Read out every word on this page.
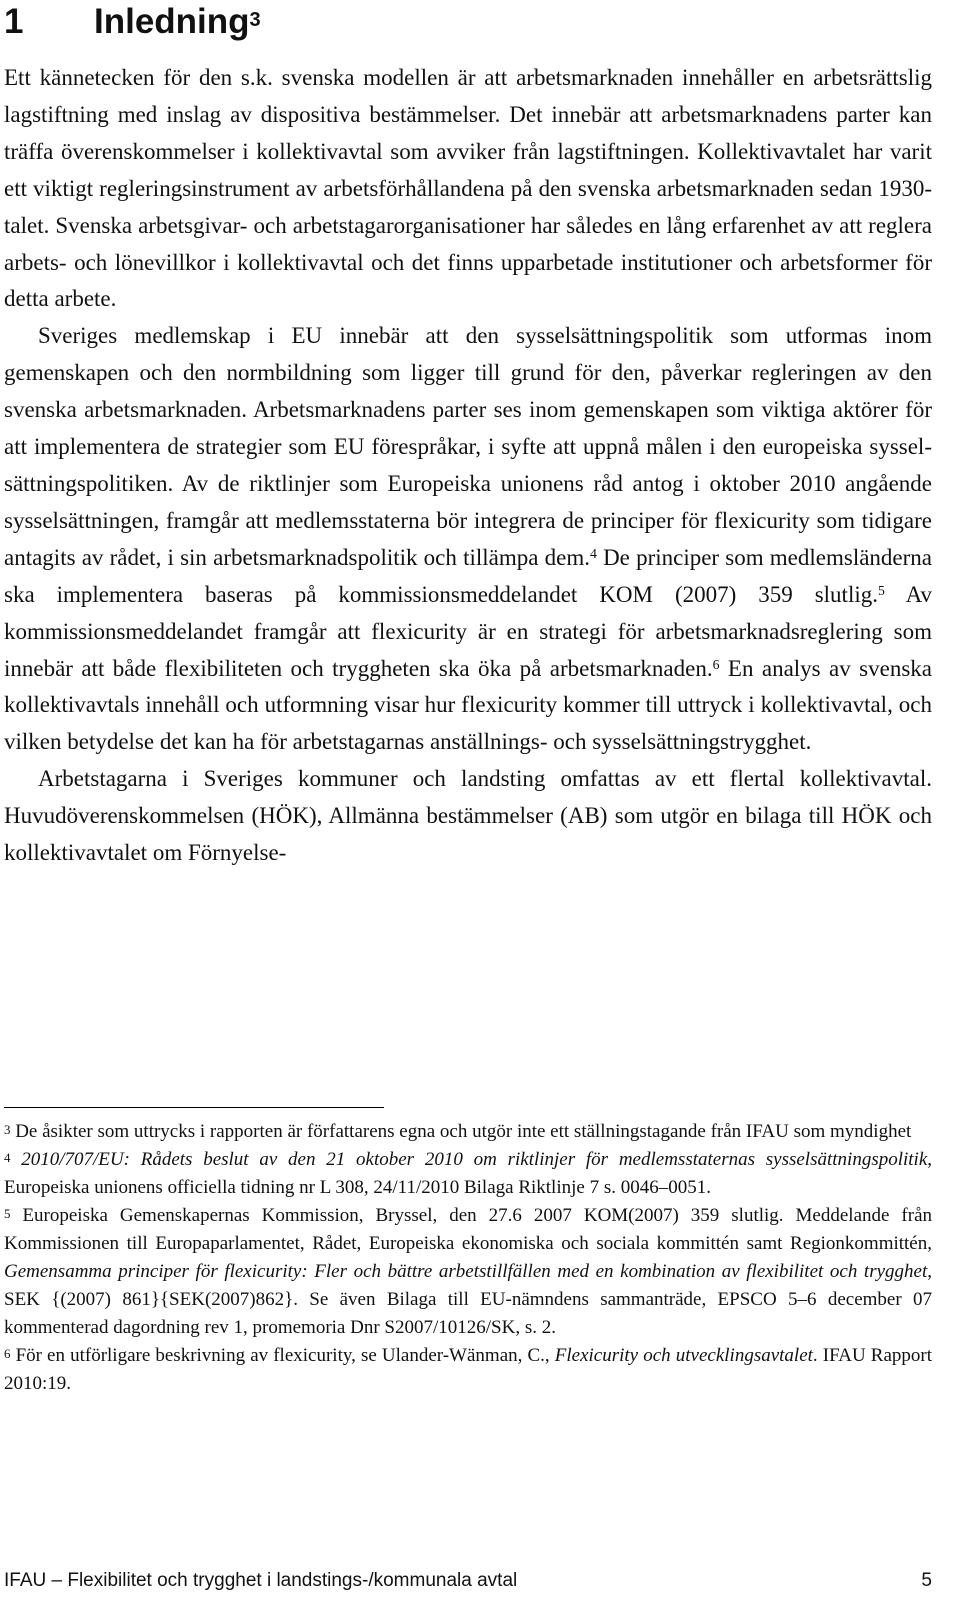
1 Inledning$^3$

Ett kännetecken för den s.k. svenska modellen är att arbetsmarknaden innehåller en arbetsrättslig lagstiftning med inslag av dispositiva bestämmelser. Det innebär att arbetsmarknadens parter kan träffa överenskommelser i kollektivavtal som avviker från lagstiftningen. Kollektivavtalet har varit ett viktigt regleringsinstrument av arbetsförhållandena på den svenska arbetsmarknaden sedan 1930-talet. Svenska arbetsgivar- och arbetstagarorganisationer har således en lång erfarenhet av att reglera arbets- och lönevillkor i kollektivavtal och det finns upparbetade institutioner och arbetsformer för detta arbete.

Sveriges medlemskap i EU innebär att den sysselsättningspolitik som utformas inom gemenskapen och den normbildning som ligger till grund för den, påverkar regleringen av den svenska arbetsmarknaden. Arbetsmarknadens parter ses inom gemenskapen som viktiga aktörer för att implementera de strategier som EU förespråkar, i syfte att uppnå målen i den europeiska sysselsättningspolitiken. Av de riktlinjer som Europeiska unionens råd antog i oktober 2010 angående sysselsättningen, framgår att medlemsstaterna bör integrera de principer för flexicurity som tidigare antagits av rådet, i sin arbetsmarknadspolitik och tillämpa dem.$^4$ De principer som medlemsländerna ska implementera baseras på kommissionsmeddelandet KOM (2007) 359 slutlig.$^5$ Av kommissionsmeddelandet framgår att flexicurity är en strategi för arbetsmarknadsreglering som innebär att både flexibiliteten och tryggheten ska öka på arbetsmarknaden.$^6$ En analys av svenska kollektivavtals innehåll och utformning visar hur flexicurity kommer till uttryck i kollektivavtal, och vilken betydelse det kan ha för arbetstagarnas anställnings- och sysselsättningstrygghet.

Arbetstagarna i Sveriges kommuner och landsting omfattas av ett flertal kollektivavtal. Huvudöverenskommelsen (HÖK), Allmänna bestämmelser (AB) som utgör en bilaga till HÖK och kollektivavtalet om Förnyelse-

$^3$ De åsikter som uttrycks i rapporten är författarens egna och utgör inte ett ställningstagande från IFAU som myndighet

$^4$ 2010/707/EU: Rådets beslut av den 21 oktober 2010 om riktlinjer för medlemsstaternas sysselsättningspolitik, Europeiska unionens officiella tidning nr L 308, 24/11/2010 Bilaga Riktlinje 7 s. 0046–0051.

$^5$ Europeiska Gemenskapernas Kommission, Bryssel, den 27.6 2007 KOM(2007) 359 slutlig. Meddelande från Kommissionen till Europaparlamentet, Rådet, Europeiska ekonomiska och sociala kommittén samt Regionkommittén, Gemensamma principer för flexicurity: Fler och bättre arbetstillfällen med en kombination av flexibilitet och trygghet, SEK {(2007) 861}{SEK(2007)862}. Se även Bilaga till EU-nämndens sammanträde, EPSCO 5–6 december 07 kommenterad dagordning rev 1, promemoria Dnr S2007/10126/SK, s. 2.

$^6$ För en utförligare beskrivning av flexicurity, se Ulander-Wänman, C., Flexicurity och utvecklingsavtalet. IFAU Rapport 2010:19.

IFAU – Flexibilitet och trygghet i landstings-/kommunala avtal	5
